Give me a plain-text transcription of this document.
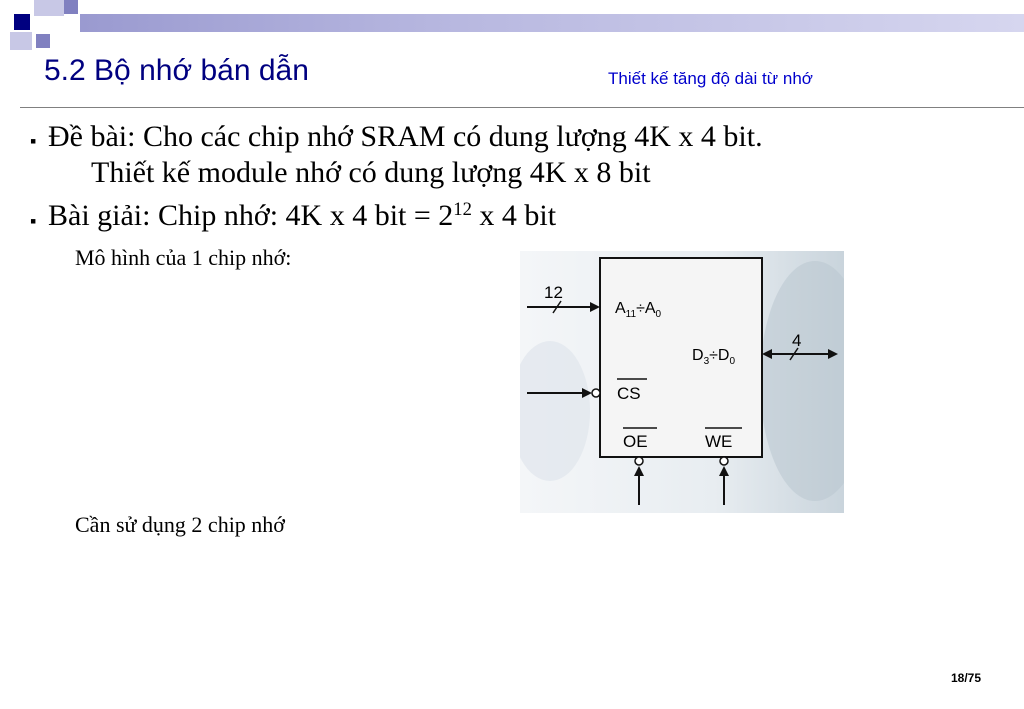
5.2 Bộ nhớ bán dẫn	Thiết kế tăng độ dài từ nhớ
▪ Đề bài: Cho các chip nhớ SRAM có dung lượng 4K x 4 bit.
Thiết kế module nhớ có dung lượng 4K x 8 bit
▪ Bài giải: Chip nhớ: 4K x 4 bit = $2^{12}$ x 4 bit
Mô hình của 1 chip nhớ:
Cần sử dụng 2 chip nhớ
12
$A_{11}\div A_0$
4
$D_3\div D_0$
CS
OE	WE
18/75
